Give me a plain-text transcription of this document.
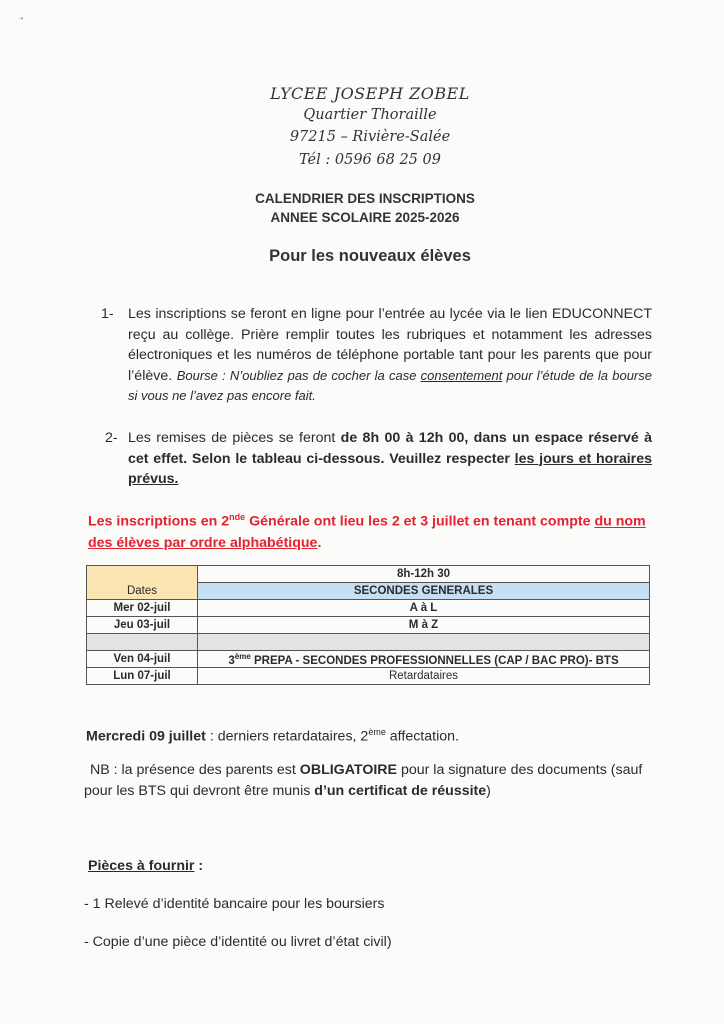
·•
LYCEE JOSEPH ZOBEL
Quartier Thoraille
97215 – Rivière-Salée
Tél : 0596 68 25 09
CALENDRIER DES INSCRIPTIONS
ANNEE SCOLAIRE 2025-2026
Pour les nouveaux élèves
1- Les inscriptions se feront en ligne pour l’entrée au lycée via le lien EDUCONNECT reçu au collège. Prière remplir toutes les rubriques et notamment les adresses électroniques et les numéros de téléphone portable tant pour les parents que pour l’élève. Bourse : N’oubliez pas de cocher la case consentement pour l’étude de la bourse si vous ne l’avez pas encore fait.
2- Les remises de pièces se feront de 8h 00 à 12h 00, dans un espace réservé à cet effet. Selon le tableau ci-dessous. Veuillez respecter les jours et horaires prévus.
Les inscriptions en 2nde Générale ont lieu les 2 et 3 juillet en tenant compte du nom des élèves par ordre alphabétique.
	8h-12h 30
Dates	SECONDES GENERALES
Mer 02-juil	A à L
Jeu 03-juil	M à Z

Ven 04-juil	3ème PREPA - SECONDES PROFESSIONNELLES (CAP / BAC PRO)- BTS
Lun 07-juil	Retardataires
Mercredi 09 juillet : derniers retardataires, 2ème affectation.
NB : la présence des parents est OBLIGATOIRE pour la signature des documents (sauf pour les BTS qui devront être munis d’un certificat de réussite)
Pièces à fournir :
- 1 Relevé d’identité bancaire pour les boursiers
- Copie d’une pièce d’identité ou livret d’état civil)
